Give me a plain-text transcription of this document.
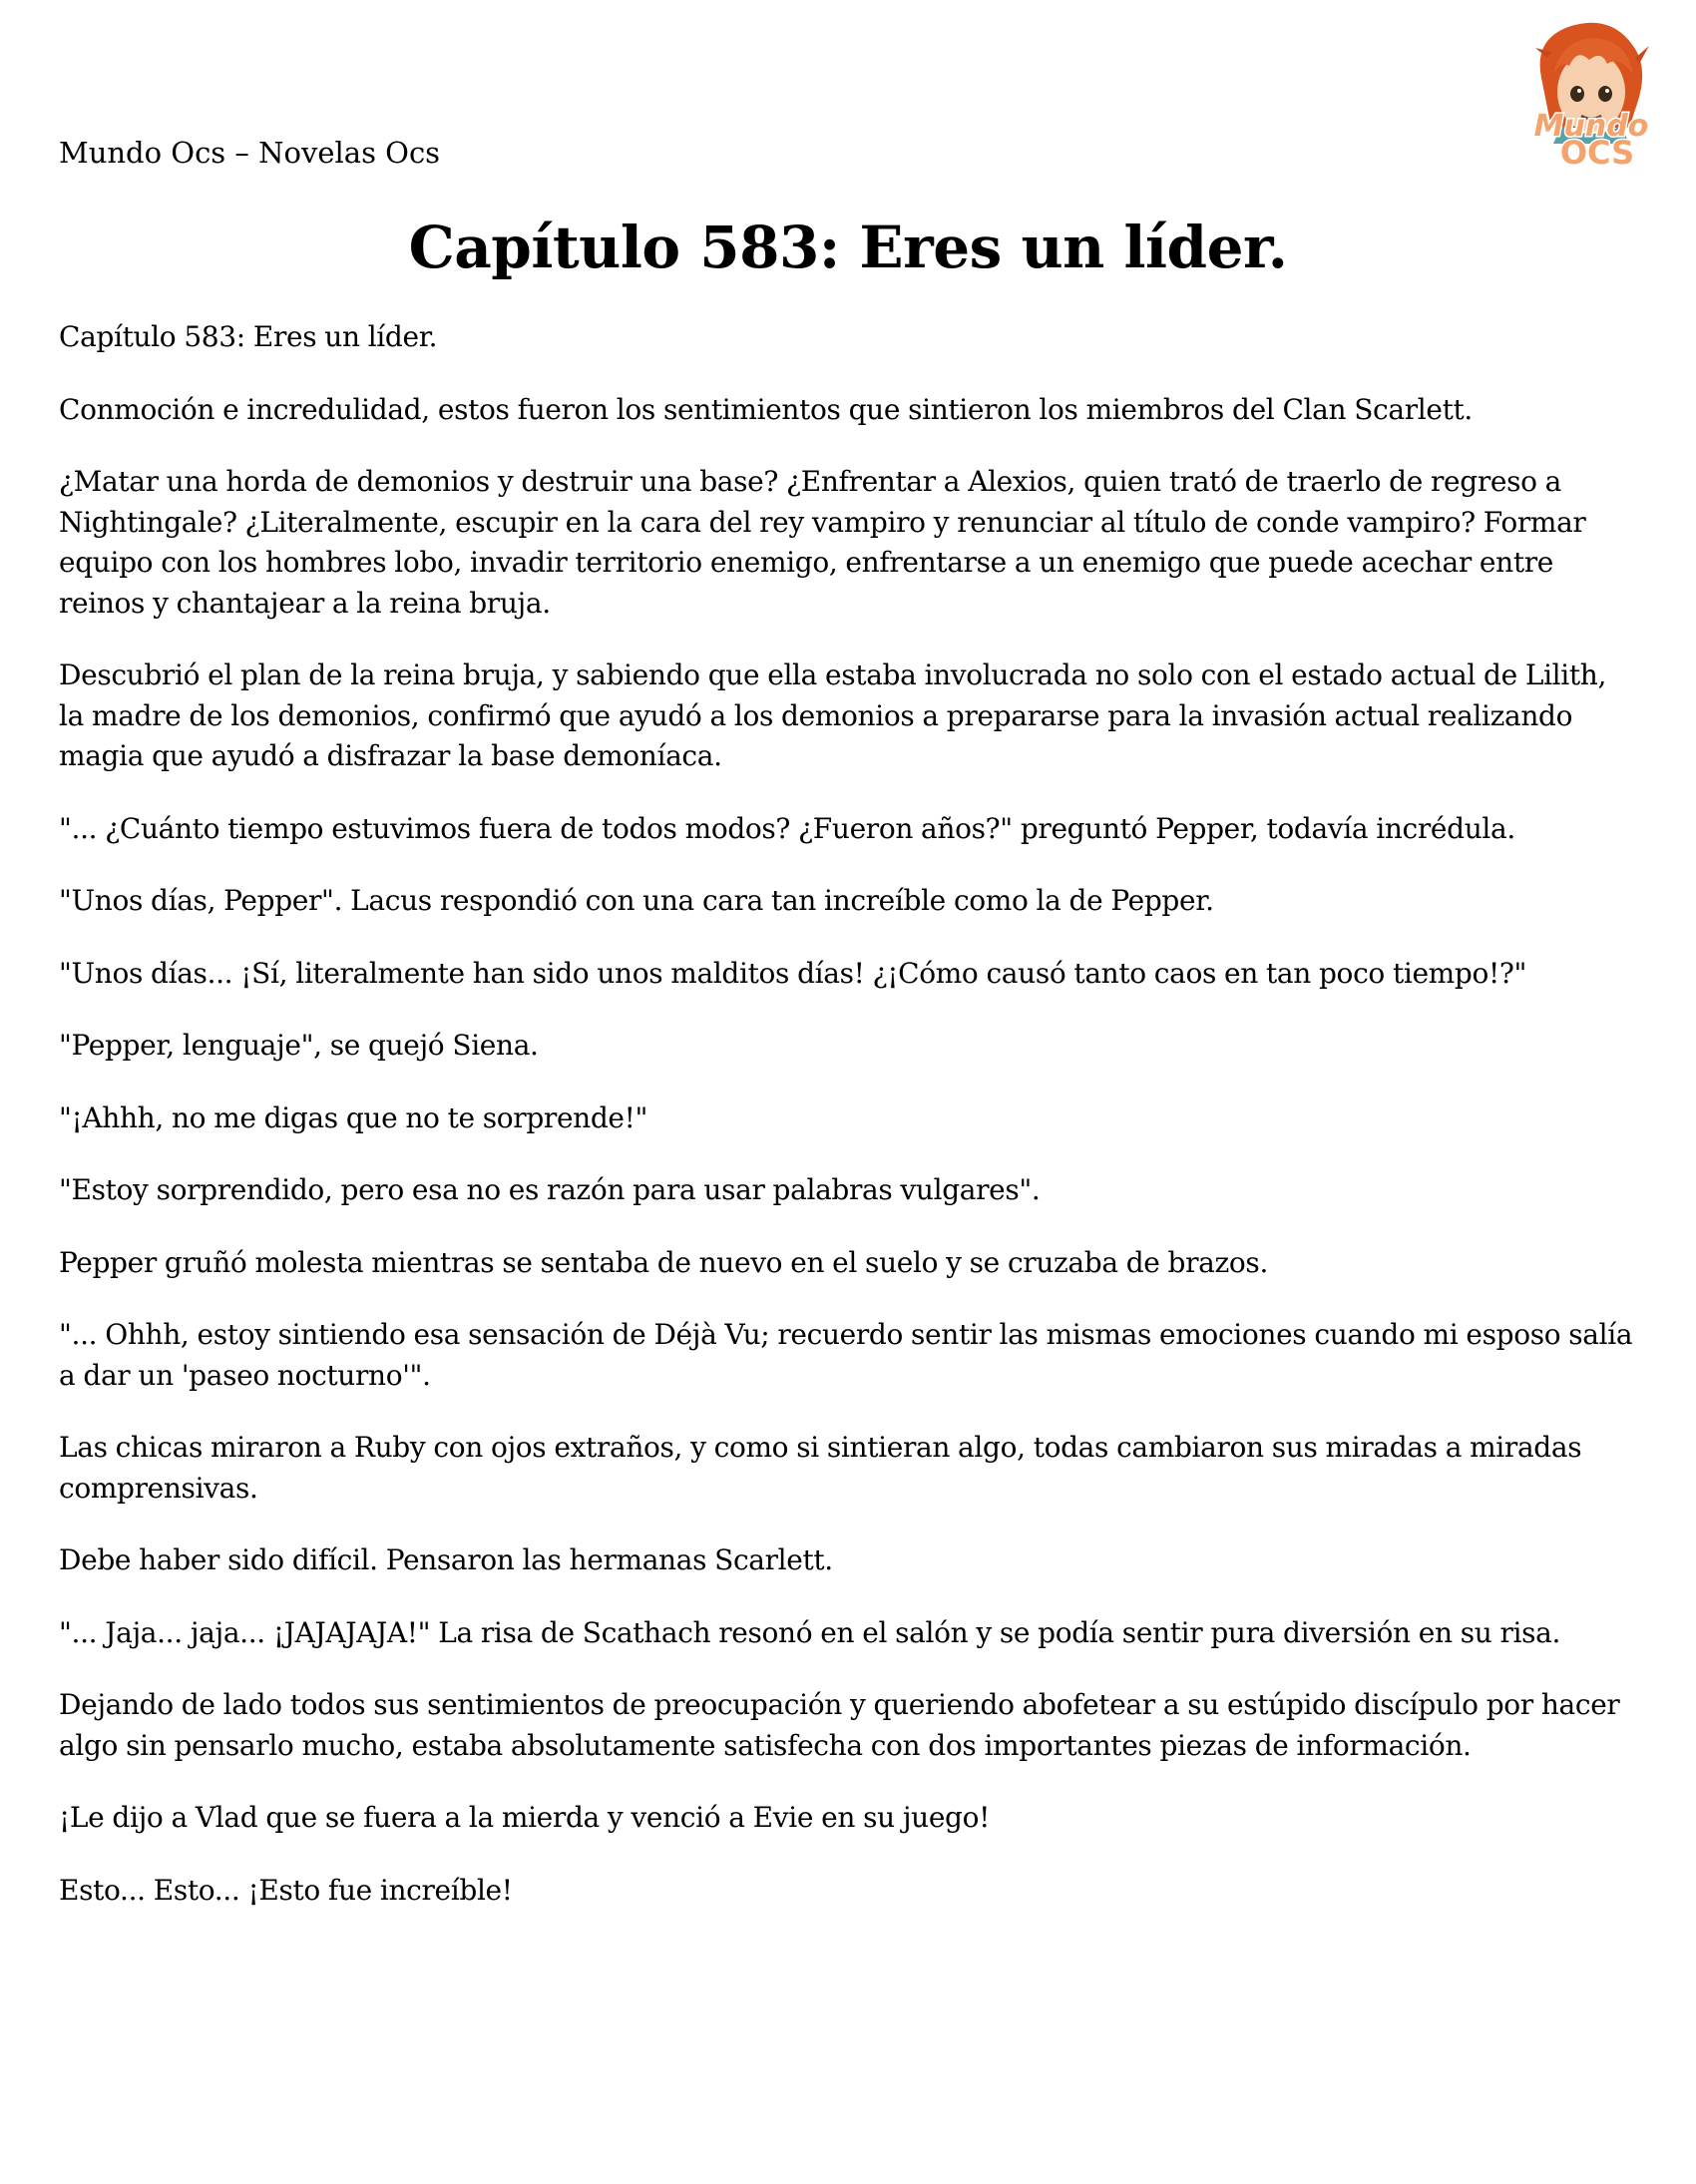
Mundo Ocs – Novelas Ocs
Mundo
OCS
Capítulo 583: Eres un líder.

Capítulo 583: Eres un líder.

Conmoción e incredulidad, estos fueron los sentimientos que sintieron los miembros del Clan Scarlett.

¿Matar una horda de demonios y destruir una base? ¿Enfrentar a Alexios, quien trató de traerlo de regreso a Nightingale? ¿Literalmente, escupir en la cara del rey vampiro y renunciar al título de conde vampiro? Formar equipo con los hombres lobo, invadir territorio enemigo, enfrentarse a un enemigo que puede acechar entre reinos y chantajear a la reina bruja.

Descubrió el plan de la reina bruja, y sabiendo que ella estaba involucrada no solo con el estado actual de Lilith, la madre de los demonios, confirmó que ayudó a los demonios a prepararse para la invasión actual realizando magia que ayudó a disfrazar la base demoníaca.

"... ¿Cuánto tiempo estuvimos fuera de todos modos? ¿Fueron años?" preguntó Pepper, todavía incrédula.

"Unos días, Pepper". Lacus respondió con una cara tan increíble como la de Pepper.

"Unos días... ¡Sí, literalmente han sido unos malditos días! ¿¡Cómo causó tanto caos en tan poco tiempo!?"

"Pepper, lenguaje", se quejó Siena.

"¡Ahhh, no me digas que no te sorprende!"

"Estoy sorprendido, pero esa no es razón para usar palabras vulgares".

Pepper gruñó molesta mientras se sentaba de nuevo en el suelo y se cruzaba de brazos.

"... Ohhh, estoy sintiendo esa sensación de Déjà Vu; recuerdo sentir las mismas emociones cuando mi esposo salía a dar un 'paseo nocturno'".

Las chicas miraron a Ruby con ojos extraños, y como si sintieran algo, todas cambiaron sus miradas a miradas comprensivas.

Debe haber sido difícil. Pensaron las hermanas Scarlett.

"... Jaja... jaja... ¡JAJAJAJA!" La risa de Scathach resonó en el salón y se podía sentir pura diversión en su risa.

Dejando de lado todos sus sentimientos de preocupación y queriendo abofetear a su estúpido discípulo por hacer algo sin pensarlo mucho, estaba absolutamente satisfecha con dos importantes piezas de información.

¡Le dijo a Vlad que se fuera a la mierda y venció a Evie en su juego!

Esto... Esto... ¡Esto fue increíble!
